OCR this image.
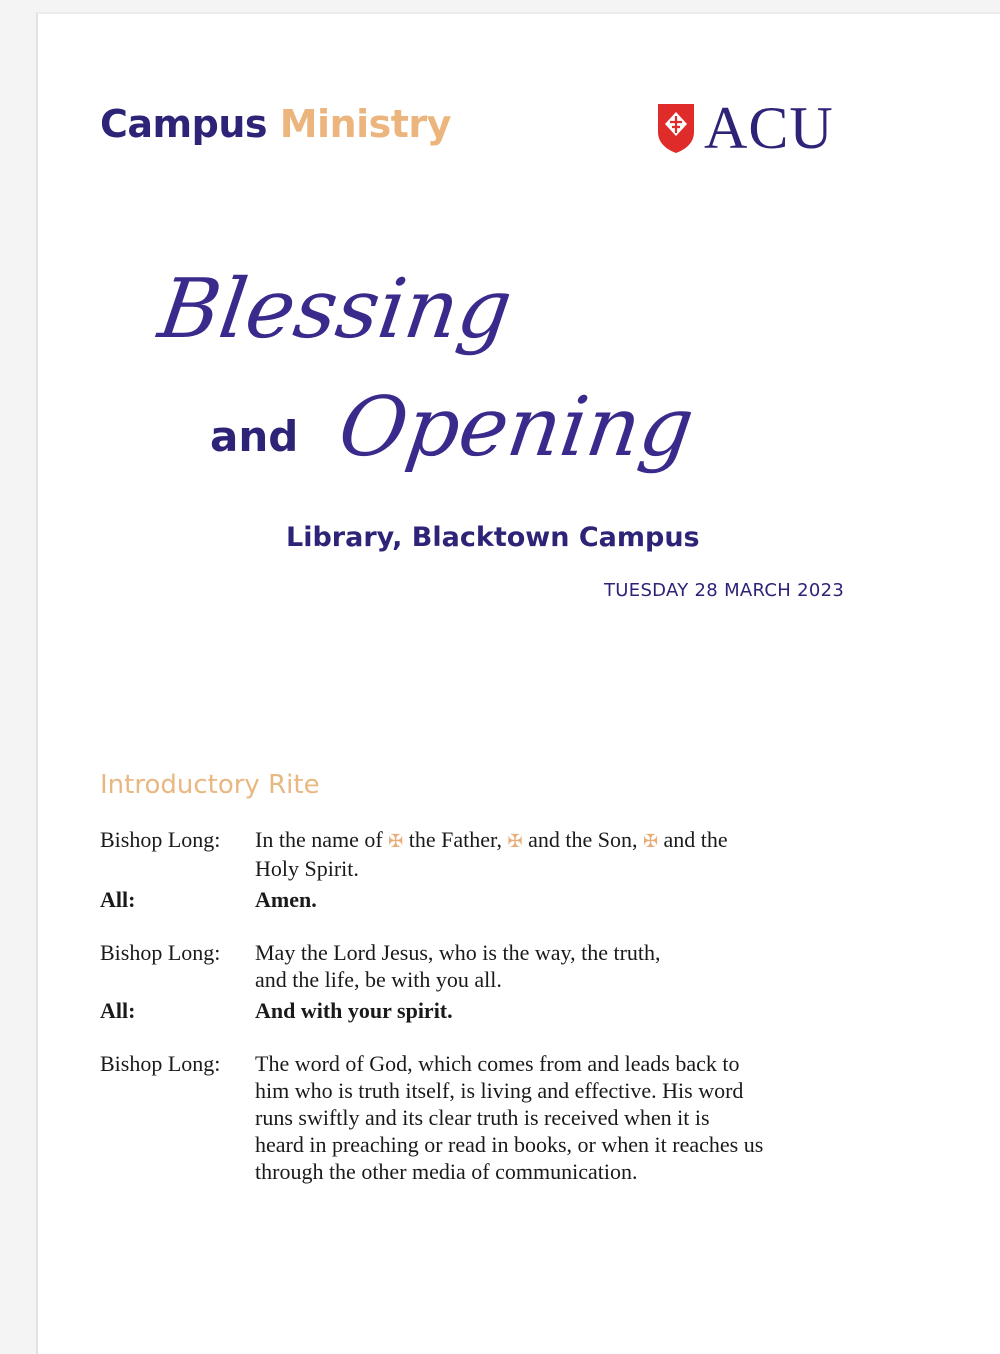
Campus Ministry	ACU
Blessing
and Opening
Library, Blacktown Campus
TUESDAY 28 MARCH 2023
Introductory Rite
Bishop Long:	In the name of ✠ the Father, ✠ and the Son, ✠ and the
Holy Spirit.
All:	Amen.
Bishop Long:	May the Lord Jesus, who is the way, the truth,
and the life, be with you all.
All:	And with your spirit.
Bishop Long:	The word of God, which comes from and leads back to
him who is truth itself, is living and effective. His word
runs swiftly and its clear truth is received when it is
heard in preaching or read in books, or when it reaches us
through the other media of communication.
